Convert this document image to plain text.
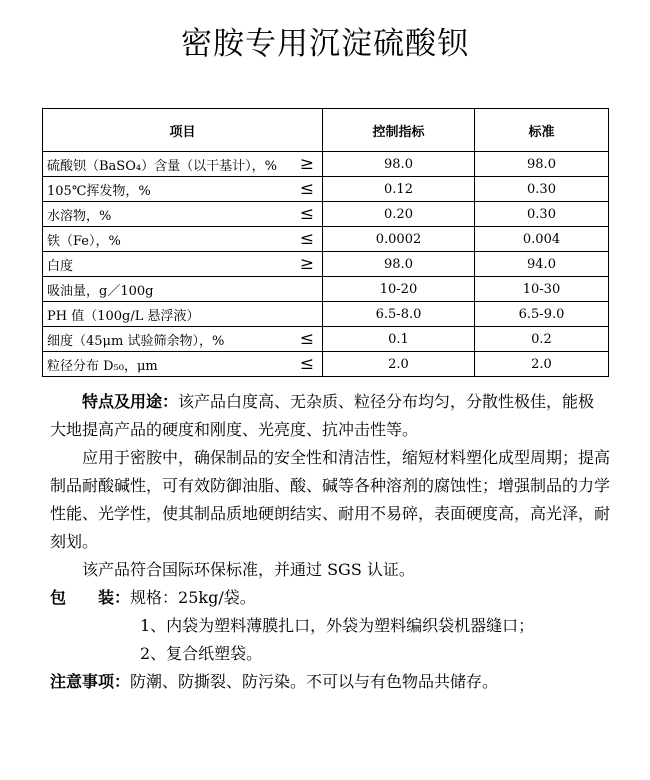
密胺专用沉淀硫酸钡
项目	控制指标	标准

硫酸钡（BaSO₄）含量（以干基计），% ≥	98.0	98.0

105℃挥发物，% ≤	0.12	0.30

水溶物，% ≤	0.20	0.30

铁（Fe），% ≤	0.0002	0.004

白度 ≥	98.0	94.0

吸油量，g／100g	10-20	10-30

PH 值（100g/L 悬浮液）	6.5-8.0	6.5-9.0

细度（45μm 试验筛余物），% ≤	0.1	0.2

粒径分布 D₅₀，μm ≤	2.0	2.0

特点及用途：该产品白度高、无杂质、粒径分布均匀，分散性极佳，能极大地提高产品的硬度和刚度、光亮度、抗冲击性等。

应用于密胺中，确保制品的安全性和清洁性，缩短材料塑化成型周期；提高制品耐酸碱性，可有效防御油脂、酸、碱等各种溶剂的腐蚀性；增强制品的力学性能、光学性，使其制品质地硬朗结实、耐用不易碎，表面硬度高，高光泽，耐刻划。

该产品符合国际环保标准，并通过 SGS 认证。

包　　装：规格：25kg/袋。

1、内袋为塑料薄膜扎口，外袋为塑料编织袋机器缝口；

2、复合纸塑袋。

注意事项：防潮、防撕裂、防污染。不可以与有色物品共储存。
